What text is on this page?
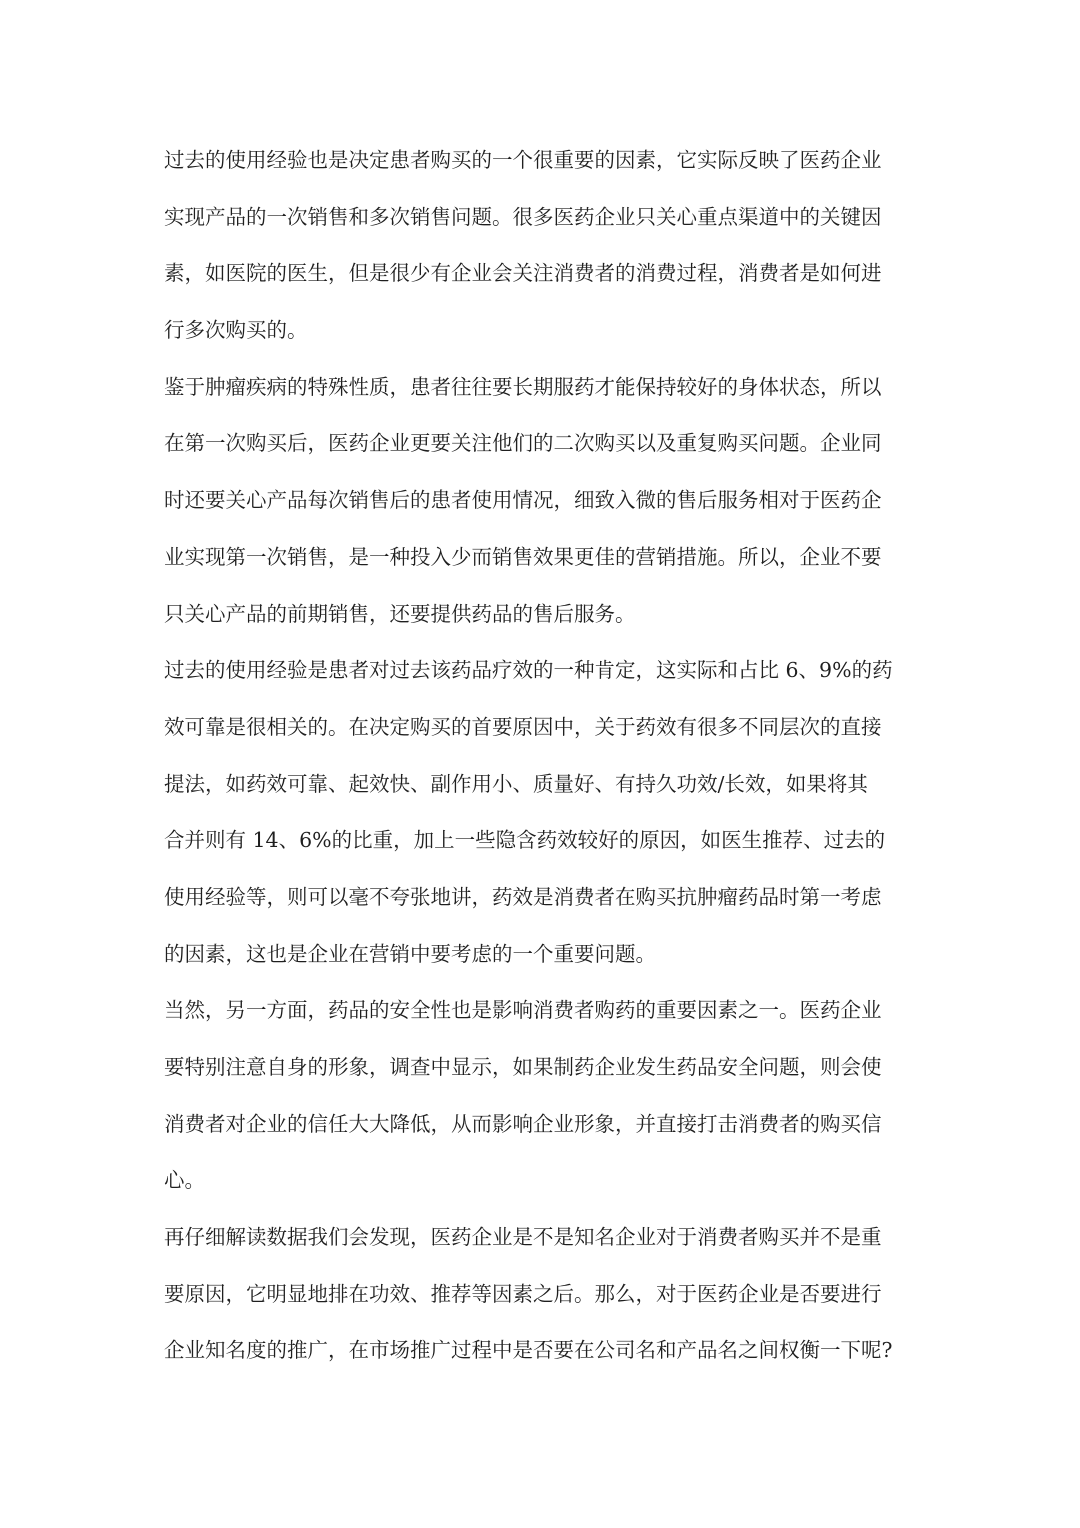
过去的使用经验也是决定患者购买的一个很重要的因素，它实际反映了医药企业
实现产品的一次销售和多次销售问题。很多医药企业只关心重点渠道中的关键因
素，如医院的医生，但是很少有企业会关注消费者的消费过程，消费者是如何进
行多次购买的。

鉴于肿瘤疾病的特殊性质，患者往往要长期服药才能保持较好的身体状态，所以
在第一次购买后，医药企业更要关注他们的二次购买以及重复购买问题。企业同
时还要关心产品每次销售后的患者使用情况，细致入微的售后服务相对于医药企
业实现第一次销售，是一种投入少而销售效果更佳的营销措施。所以，企业不要
只关心产品的前期销售，还要提供药品的售后服务。

过去的使用经验是患者对过去该药品疗效的一种肯定，这实际和占比 6、9%的药
效可靠是很相关的。在决定购买的首要原因中，关于药效有很多不同层次的直接
提法，如药效可靠、起效快、副作用小、质量好、有持久功效/长效，如果将其
合并则有 14、6%的比重，加上一些隐含药效较好的原因，如医生推荐、过去的
使用经验等，则可以毫不夸张地讲，药效是消费者在购买抗肿瘤药品时第一考虑
的因素，这也是企业在营销中要考虑的一个重要问题。

当然，另一方面，药品的安全性也是影响消费者购药的重要因素之一。医药企业
要特别注意自身的形象，调查中显示，如果制药企业发生药品安全问题，则会使
消费者对企业的信任大大降低，从而影响企业形象，并直接打击消费者的购买信
心。

再仔细解读数据我们会发现，医药企业是不是知名企业对于消费者购买并不是重
要原因，它明显地排在功效、推荐等因素之后。那么，对于医药企业是否要进行
企业知名度的推广，在市场推广过程中是否要在公司名和产品名之间权衡一下呢?
